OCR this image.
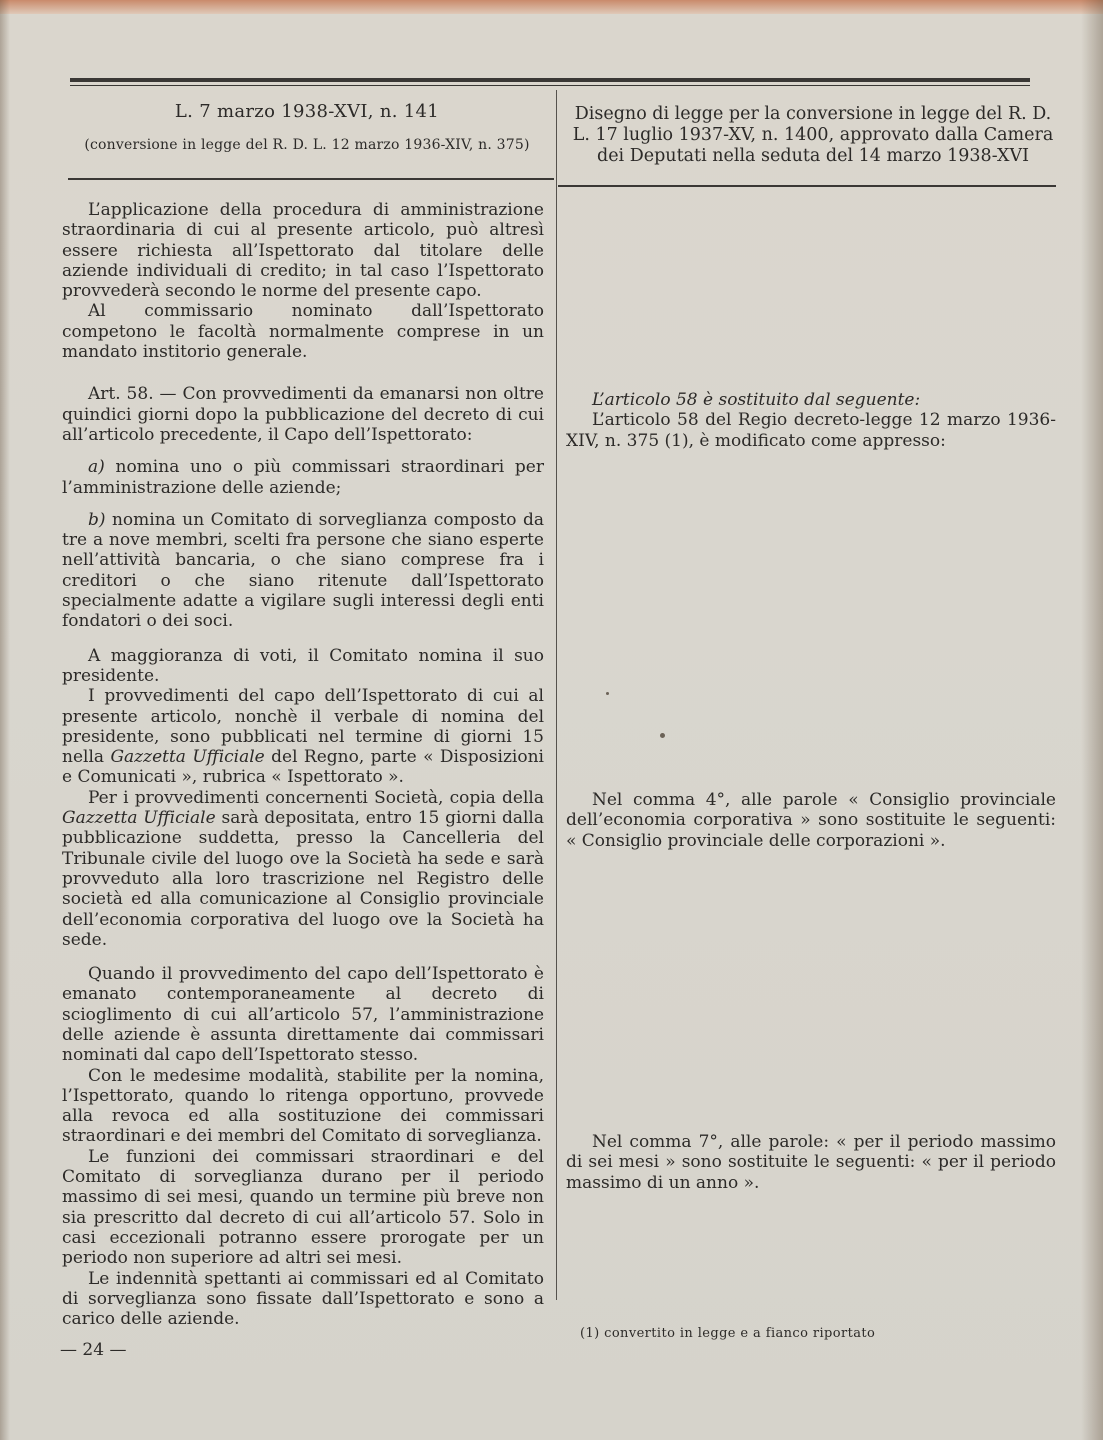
L. 7 marzo 1938-XVI, n. 141
(conversione in legge del R. D. L. 12 marzo 1936-XIV, n. 375)
Disegno di legge per la conversione in legge del R. D. L. 17 luglio 1937-XV, n. 1400, approvato dalla Camera dei Deputati nella seduta del 14 marzo 1938-XVI

L’applicazione della procedura di amministrazione straordinaria di cui al presente articolo, può altresì essere richiesta all’Ispettorato dal titolare delle aziende individuali di credito; in tal caso l’Ispettorato provvederà secondo le norme del presente capo.

Al commissario nominato dall’Ispettorato competono le facoltà normalmente comprese in un mandato institorio generale.

Art. 58. — Con provvedimenti da emanarsi non oltre quindici giorni dopo la pubblicazione del decreto di cui all’articolo precedente, il Capo dell’Ispettorato:

a) nomina uno o più commissari straordinari per l’amministrazione delle aziende;

b) nomina un Comitato di sorveglianza composto da tre a nove membri, scelti fra persone che siano esperte nell’attività bancaria, o che siano comprese fra i creditori o che siano ritenute dall’Ispettorato specialmente adatte a vigilare sugli interessi degli enti fondatori o dei soci.

A maggioranza di voti, il Comitato nomina il suo presidente.

I provvedimenti del capo dell’Ispettorato di cui al presente articolo, nonchè il verbale di nomina del presidente, sono pubblicati nel termine di giorni 15 nella Gazzetta Ufficiale del Regno, parte « Disposizioni e Comunicati », rubrica « Ispettorato ».

Per i provvedimenti concernenti Società, copia della Gazzetta Ufficiale sarà depositata, entro 15 giorni dalla pubblicazione suddetta, presso la Cancelleria del Tribunale civile del luogo ove la Società ha sede e sarà provveduto alla loro trascrizione nel Registro delle società ed alla comunicazione al Consiglio provinciale dell’economia corporativa del luogo ove la Società ha sede.

Quando il provvedimento del capo dell’Ispettorato è emanato contemporaneamente al decreto di scioglimento di cui all’articolo 57, l’amministrazione delle aziende è assunta direttamente dai commissari nominati dal capo dell’Ispettorato stesso.

Con le medesime modalità, stabilite per la nomina, l’Ispettorato, quando lo ritenga opportuno, provvede alla revoca ed alla sostituzione dei commissari straordinari e dei membri del Comitato di sorveglianza.

Le funzioni dei commissari straordinari e del Comitato di sorveglianza durano per il periodo massimo di sei mesi, quando un termine più breve non sia prescritto dal decreto di cui all’articolo 57. Solo in casi eccezionali potranno essere prorogate per un periodo non superiore ad altri sei mesi.

Le indennità spettanti ai commissari ed al Comitato di sorveglianza sono fissate dall’Ispettorato e sono a carico delle aziende.

L’articolo 58 è sostituito dal seguente:

L’articolo 58 del Regio decreto-legge 12 marzo 1936-XIV, n. 375 (1), è modificato come appresso:

Nel comma 4°, alle parole « Consiglio provinciale dell’economia corporativa » sono sostituite le seguenti: « Consiglio provinciale delle corporazioni ».

Nel comma 7°, alle parole: « per il periodo massimo di sei mesi » sono sostituite le seguenti: « per il periodo massimo di un anno ».

(1) convertito in legge e a fianco riportato
— 24 —
